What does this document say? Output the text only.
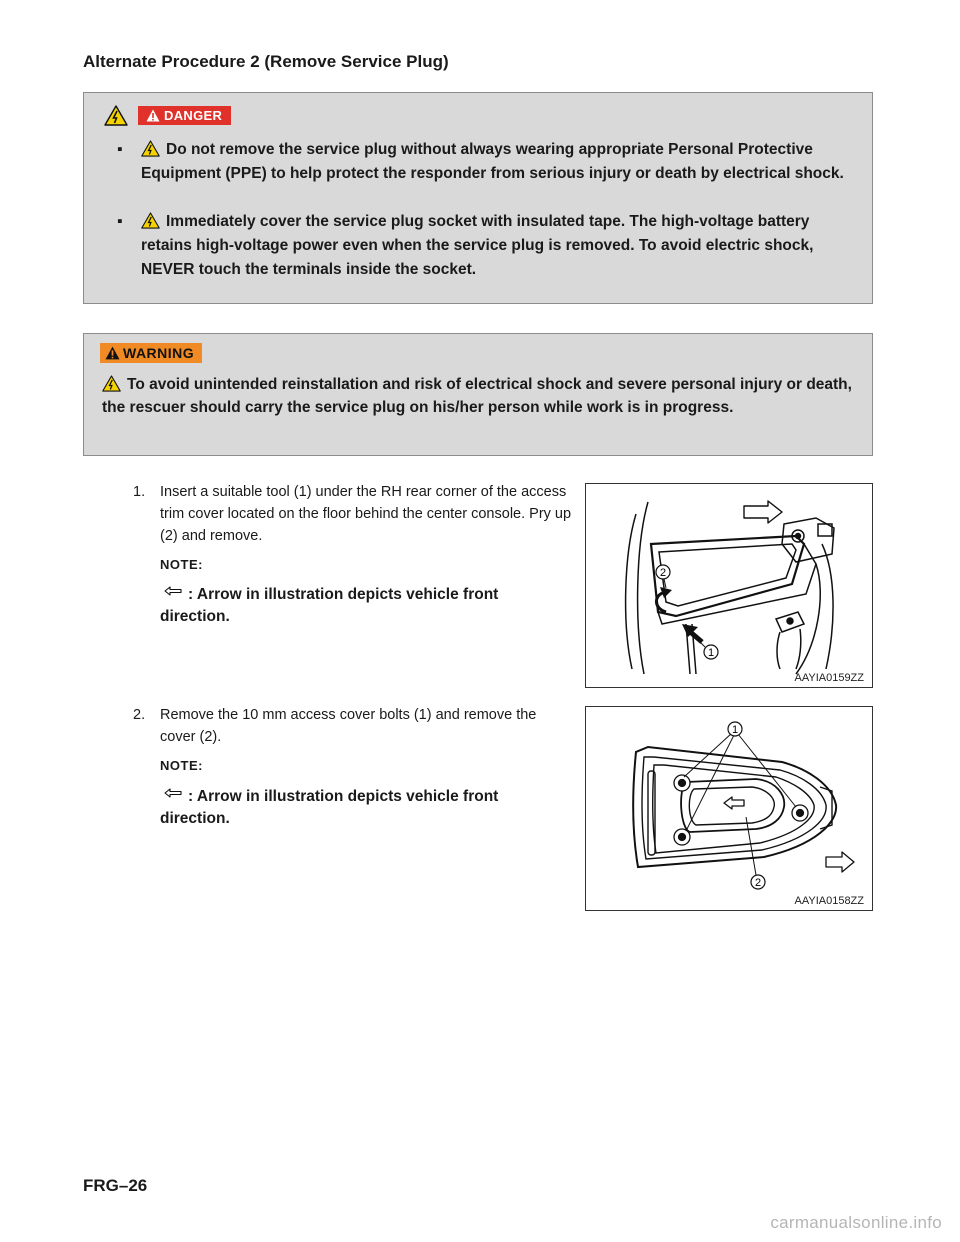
Alternate Procedure 2 (Remove Service Plug)
DANGER
▪	Do not remove the service plug without always wearing appropriate Personal Protective Equipment (PPE) to help protect the responder from serious injury or death by electrical shock.
▪	Immediately cover the service plug socket with insulated tape. The high-voltage battery retains high-voltage power even when the service plug is removed. To avoid electric shock, NEVER touch the terminals inside the socket.
WARNING
To avoid unintended reinstallation and risk of electrical shock and severe personal injury or death, the rescuer should carry the service plug on his/her person while work is in progress.
1.	Insert a suitable tool (1) under the RH rear corner of the access trim cover located on the floor behind the center console. Pry up (2) and remove.
NOTE:
: Arrow in illustration depicts vehicle front direction.
2
1
AAYIA0159ZZ
2.	Remove the 10 mm access cover bolts (1) and remove the cover (2).
NOTE:
: Arrow in illustration depicts vehicle front direction.
1
2
AAYIA0158ZZ
FRG–26
carmanualsonline.info
